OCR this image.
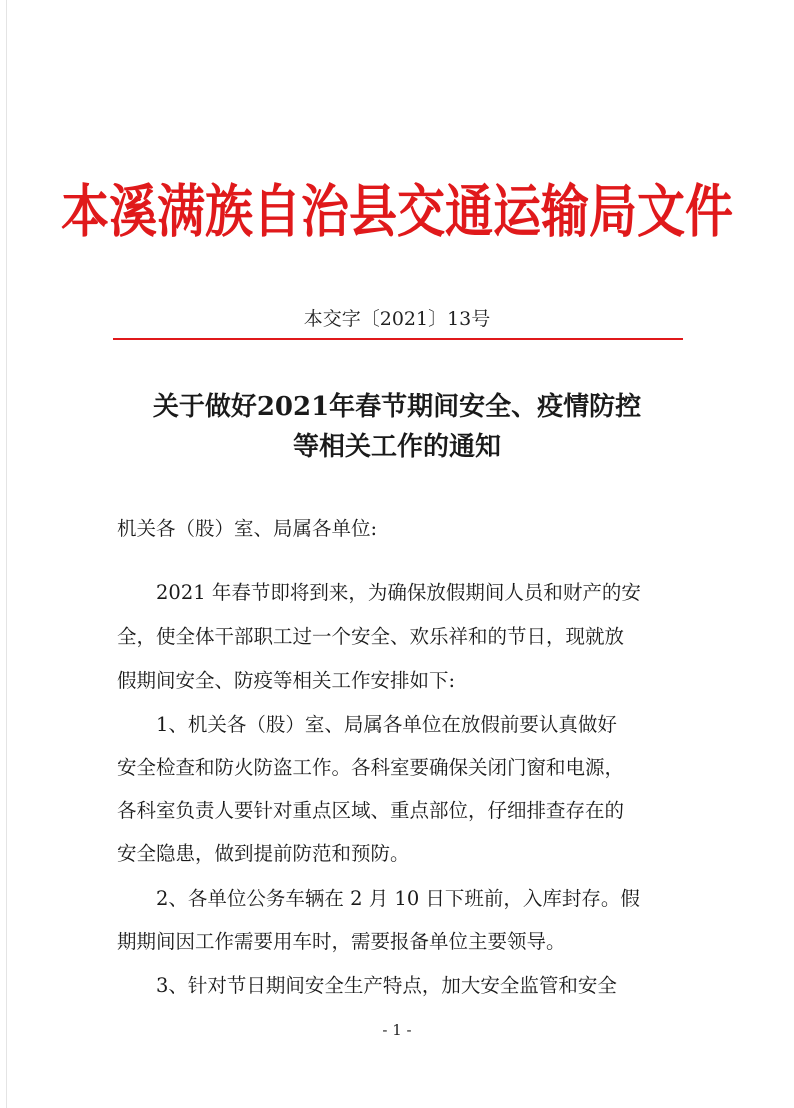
本溪满族自治县交通运输局文件
本交字〔2021〕13号
关于做好2021年春节期间安全、疫情防控
等相关工作的通知
机关各（股）室、局属各单位:
2021 年春节即将到来，为确保放假期间人员和财产的安
全，使全体干部职工过一个安全、欢乐祥和的节日，现就放
假期间安全、防疫等相关工作安排如下:
1、机关各（股）室、局属各单位在放假前要认真做好
安全检查和防火防盗工作。各科室要确保关闭门窗和电源，
各科室负责人要针对重点区域、重点部位，仔细排查存在的
安全隐患，做到提前防范和预防。
2、各单位公务车辆在 2 月 10 日下班前，入库封存。假
期期间因工作需要用车时，需要报备单位主要领导。
3、针对节日期间安全生产特点，加大安全监管和安全
- 1 -
